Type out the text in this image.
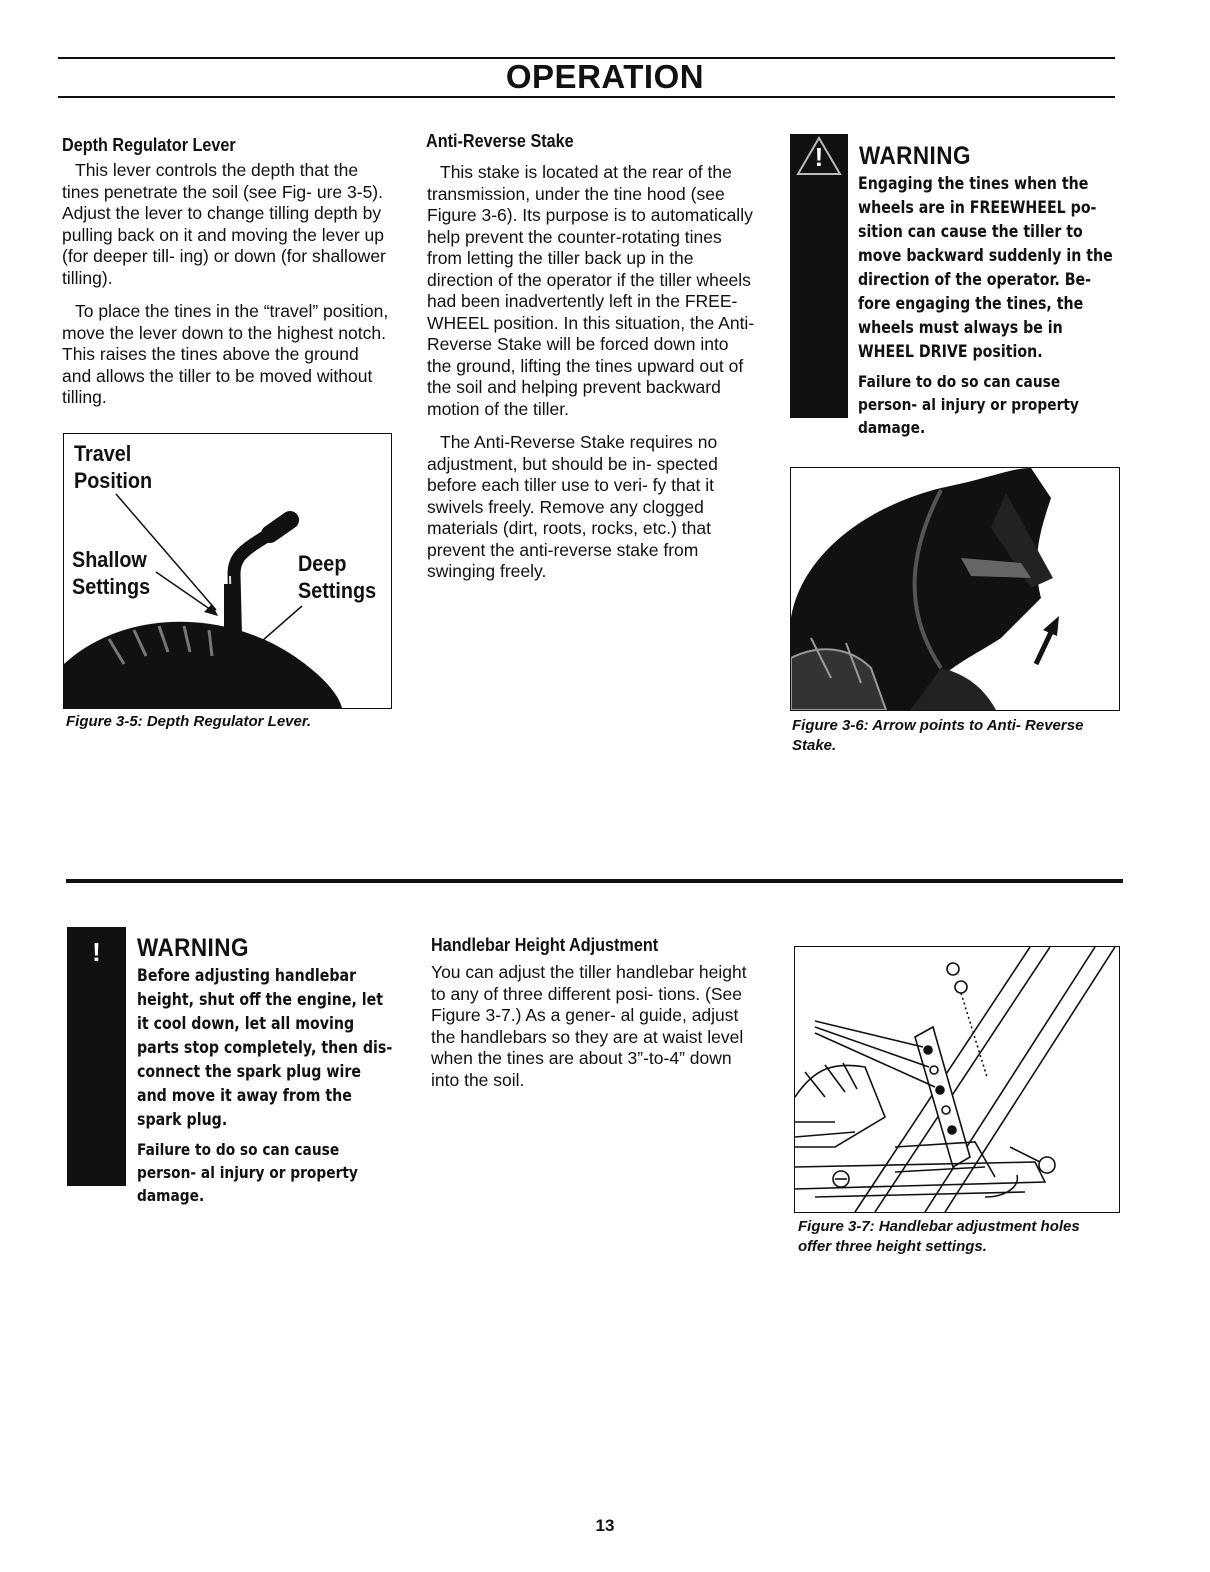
OPERATION
Depth Regulator Lever

This lever controls the depth that the tines penetrate the soil (see Fig- ure 3-5). Adjust the lever to change tilling depth by pulling back on it and moving the lever up (for deeper till- ing) or down (for shallower tilling).

To place the tines in the “travel” position, move the lever down to the highest notch. This raises the tines above the ground and allows the tiller to be moved without tilling.

Travel
Position
Shallow
Settings
Deep
Settings
Figure 3-5: Depth Regulator Lever.
Anti-Reverse Stake

This stake is located at the rear of the transmission, under the tine hood (see Figure 3-6). Its purpose is to automatically help prevent the counter-rotating tines from letting the tiller back up in the direction of the operator if the tiller wheels had been inadvertently left in the FREE- WHEEL position. In this situation, the Anti-Reverse Stake will be forced down into the ground, lifting the tines upward out of the soil and helping prevent backward motion of the tiller.

The Anti-Reverse Stake requires no adjustment, but should be in- spected before each tiller use to veri- fy that it swivels freely. Remove any clogged materials (dirt, roots, rocks, etc.) that prevent the anti-reverse stake from swinging freely.

!	WARNING

Engaging the tines when the wheels are in FREEWHEEL po- sition can cause the tiller to move backward suddenly in the direction of the operator. Be- fore engaging the tines, the wheels must always be in WHEEL DRIVE position.

Failure to do so can cause person- al injury or property damage.

Figure 3-6: Arrow points to Anti- Reverse Stake.
!	WARNING

Before adjusting handlebar height, shut off the engine, let it cool down, let all moving parts stop completely, then dis- connect the spark plug wire and move it away from the spark plug.

Failure to do so can cause person- al injury or property damage.

Handlebar Height Adjustment

You can adjust the tiller handlebar height to any of three different posi- tions. (See Figure 3-7.) As a gener- al guide, adjust the handlebars so they are at waist level when the tines are about 3”-to-4” down into the soil.

Figure 3-7: Handlebar adjustment holes offer three height settings.
13
